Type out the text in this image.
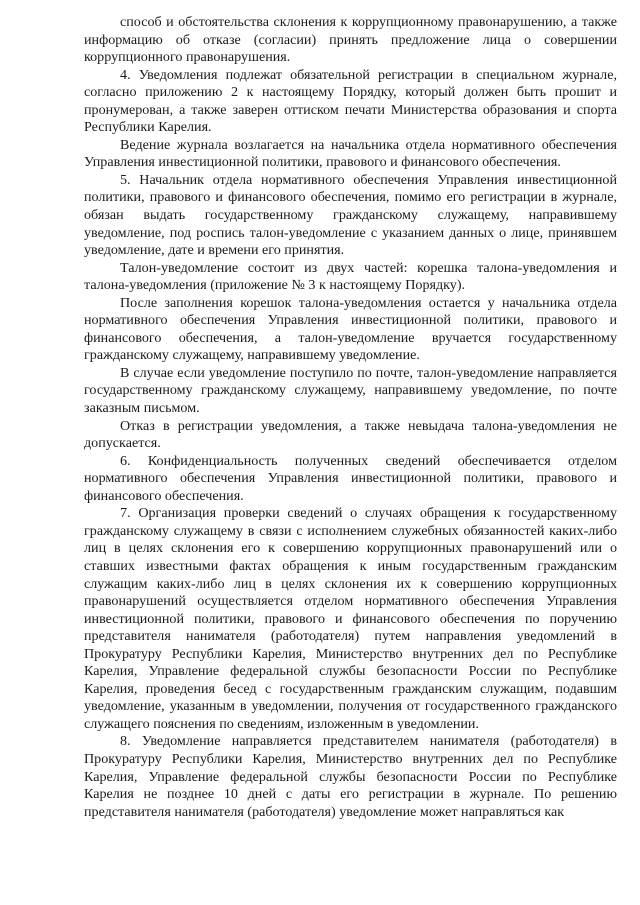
способ и обстоятельства склонения к коррупционному правонарушению, а также информацию об отказе (согласии) принять предложение лица о совершении коррупционного правонарушения.

4. Уведомления подлежат обязательной регистрации в специальном журнале, согласно приложению 2 к настоящему Порядку, который должен быть прошит и пронумерован, а также заверен оттиском печати Министерства образования и спорта Республики Карелия.

Ведение журнала возлагается на начальника отдела нормативного обеспечения Управления инвестиционной политики, правового и финансового обеспечения.

5. Начальник отдела нормативного обеспечения Управления инвестиционной политики, правового и финансового обеспечения, помимо его регистрации в журнале, обязан выдать государственному гражданскому служащему, направившему уведомление, под роспись талон-уведомление с указанием данных о лице, принявшем уведомление, дате и времени его принятия.

Талон-уведомление состоит из двух частей: корешка талона-уведомления и талона-уведомления (приложение № 3 к настоящему Порядку).

После заполнения корешок талона-уведомления остается у начальника отдела нормативного обеспечения Управления инвестиционной политики, правового и финансового обеспечения, а талон-уведомление вручается государственному гражданскому служащему, направившему уведомление.

В случае если уведомление поступило по почте, талон-уведомление направляется государственному гражданскому служащему, направившему уведомление, по почте заказным письмом.

Отказ в регистрации уведомления, а также невыдача талона-уведомления не допускается.

6. Конфиденциальность полученных сведений обеспечивается отделом нормативного обеспечения Управления инвестиционной политики, правового и финансового обеспечения.

7. Организация проверки сведений о случаях обращения к государственному гражданскому служащему в связи с исполнением служебных обязанностей каких-либо лиц в целях склонения его к совершению коррупционных правонарушений или о ставших известными фактах обращения к иным государственным гражданским служащим каких-либо лиц в целях склонения их к совершению коррупционных правонарушений осуществляется отделом нормативного обеспечения Управления инвестиционной политики, правового и финансового обеспечения по поручению представителя нанимателя (работодателя) путем направления уведомлений в Прокуратуру Республики Карелия, Министерство внутренних дел по Республике Карелия, Управление федеральной службы безопасности России по Республике Карелия, проведения бесед с государственным гражданским служащим, подавшим уведомление, указанным в уведомлении, получения от государственного гражданского служащего пояснения по сведениям, изложенным в уведомлении.

8. Уведомление направляется представителем нанимателя (работодателя) в Прокуратуру Республики Карелия, Министерство внутренних дел по Республике Карелия, Управление федеральной службы безопасности России по Республике Карелия не позднее 10 дней с даты его регистрации в журнале. По решению представителя нанимателя (работодателя) уведомление может направляться как
